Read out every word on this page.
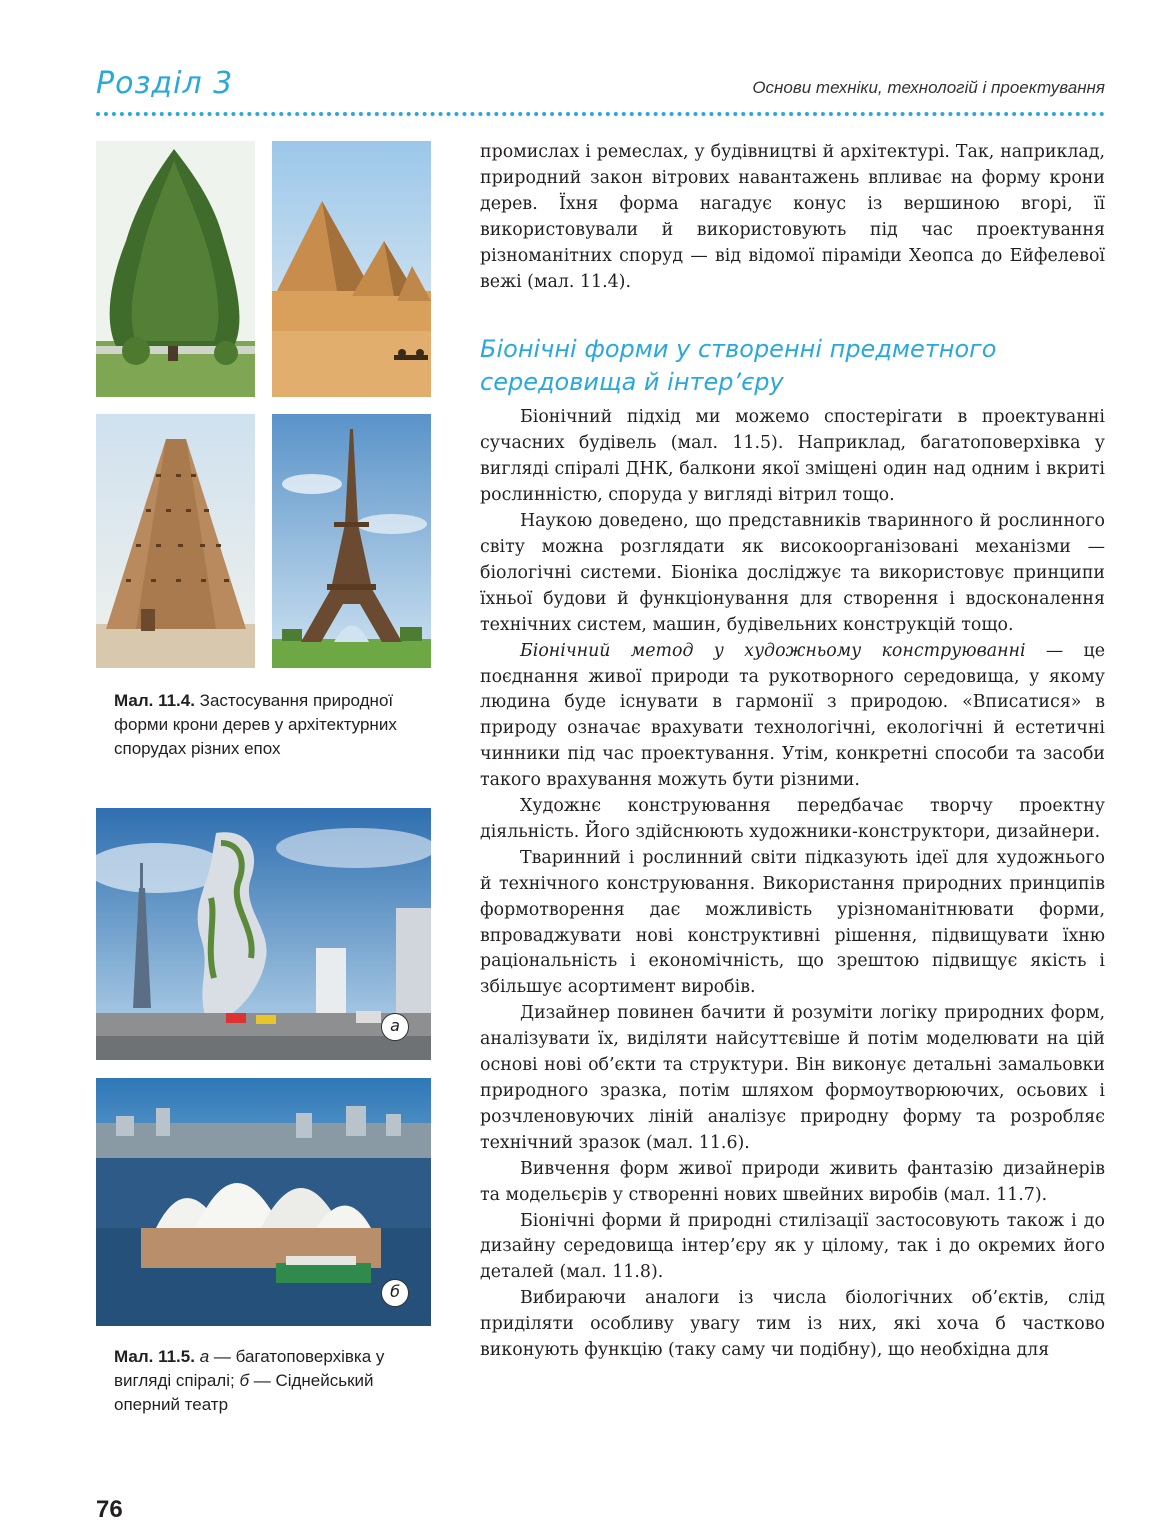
Розділ 3	Основи техніки, технологій і проектування
Мал. 11.4. Застосування природної форми крони дерев у архітектурних спорудах різних епох
а
б
Мал. 11.5. а — багатоповерхівка у вигляді спіралі; б — Сіднейський оперний театр

промислах і ремеслах, у будівництві й архітектурі. Так, наприклад, природний закон вітрових навантажень впливає на форму крони дерев. Їхня форма нагадує конус із вершиною вгорі, її використовували й використовують під час проектування різноманітних споруд — від відомої піраміди Хеопса до Ейфелевої вежі (мал. 11.4).

Біонічні форми у створенні предметного
середовища й інтер’єру

Біонічний підхід ми можемо спостерігати в проектуванні сучасних будівель (мал. 11.5). Наприклад, багатоповерхівка у вигляді спіралі ДНК, балкони якої зміщені один над одним і вкриті рослинністю, споруда у вигляді вітрил тощо.

Наукою доведено, що представників тваринного й рослинного світу можна розглядати як високоорганізовані механізми — біологічні системи. Біоніка досліджує та використовує принципи їхньої будови й функціонування для створення і вдосконалення технічних систем, машин, будівельних конструкцій тощо.

Біонічний метод у художньому конструюванні — це поєднання живої природи та рукотворного середовища, у якому людина буде існувати в гармонії з природою. «Вписатися» в природу означає врахувати технологічні, екологічні й естетичні чинники під час проектування. Утім, конкретні способи та засоби такого врахування можуть бути різними.

Художнє конструювання передбачає творчу проектну діяльність. Його здійснюють художники-конструктори, дизайнери.

Тваринний і рослинний світи підказують ідеї для художнього й технічного конструювання. Використання природних принципів формотворення дає можливість урізноманітнювати форми, впроваджувати нові конструктивні рішення, підвищувати їхню раціональність і економічність, що зрештою підвищує якість і збільшує асортимент виробів.

Дизайнер повинен бачити й розуміти логіку природних форм, аналізувати їх, виділяти найсуттєвіше й потім моделювати на цій основі нові об’єкти та структури. Він виконує детальні замальовки природного зразка, потім шляхом формоутворюючих, осьових і розчленовуючих ліній аналізує природну форму та розробляє технічний зразок (мал. 11.6).

Вивчення форм живої природи живить фантазію дизайнерів та модельєрів у створенні нових швейних виробів (мал. 11.7).

Біонічні форми й природні стилізації застосовують також і до дизайну середовища інтер’єру як у цілому, так і до окремих його деталей (мал. 11.8).

Вибираючи аналоги із числа біологічних об’єктів, слід приділяти особливу увагу тим із них, які хоча б частково виконують функцію (таку саму чи подібну), що необхідна для

76
